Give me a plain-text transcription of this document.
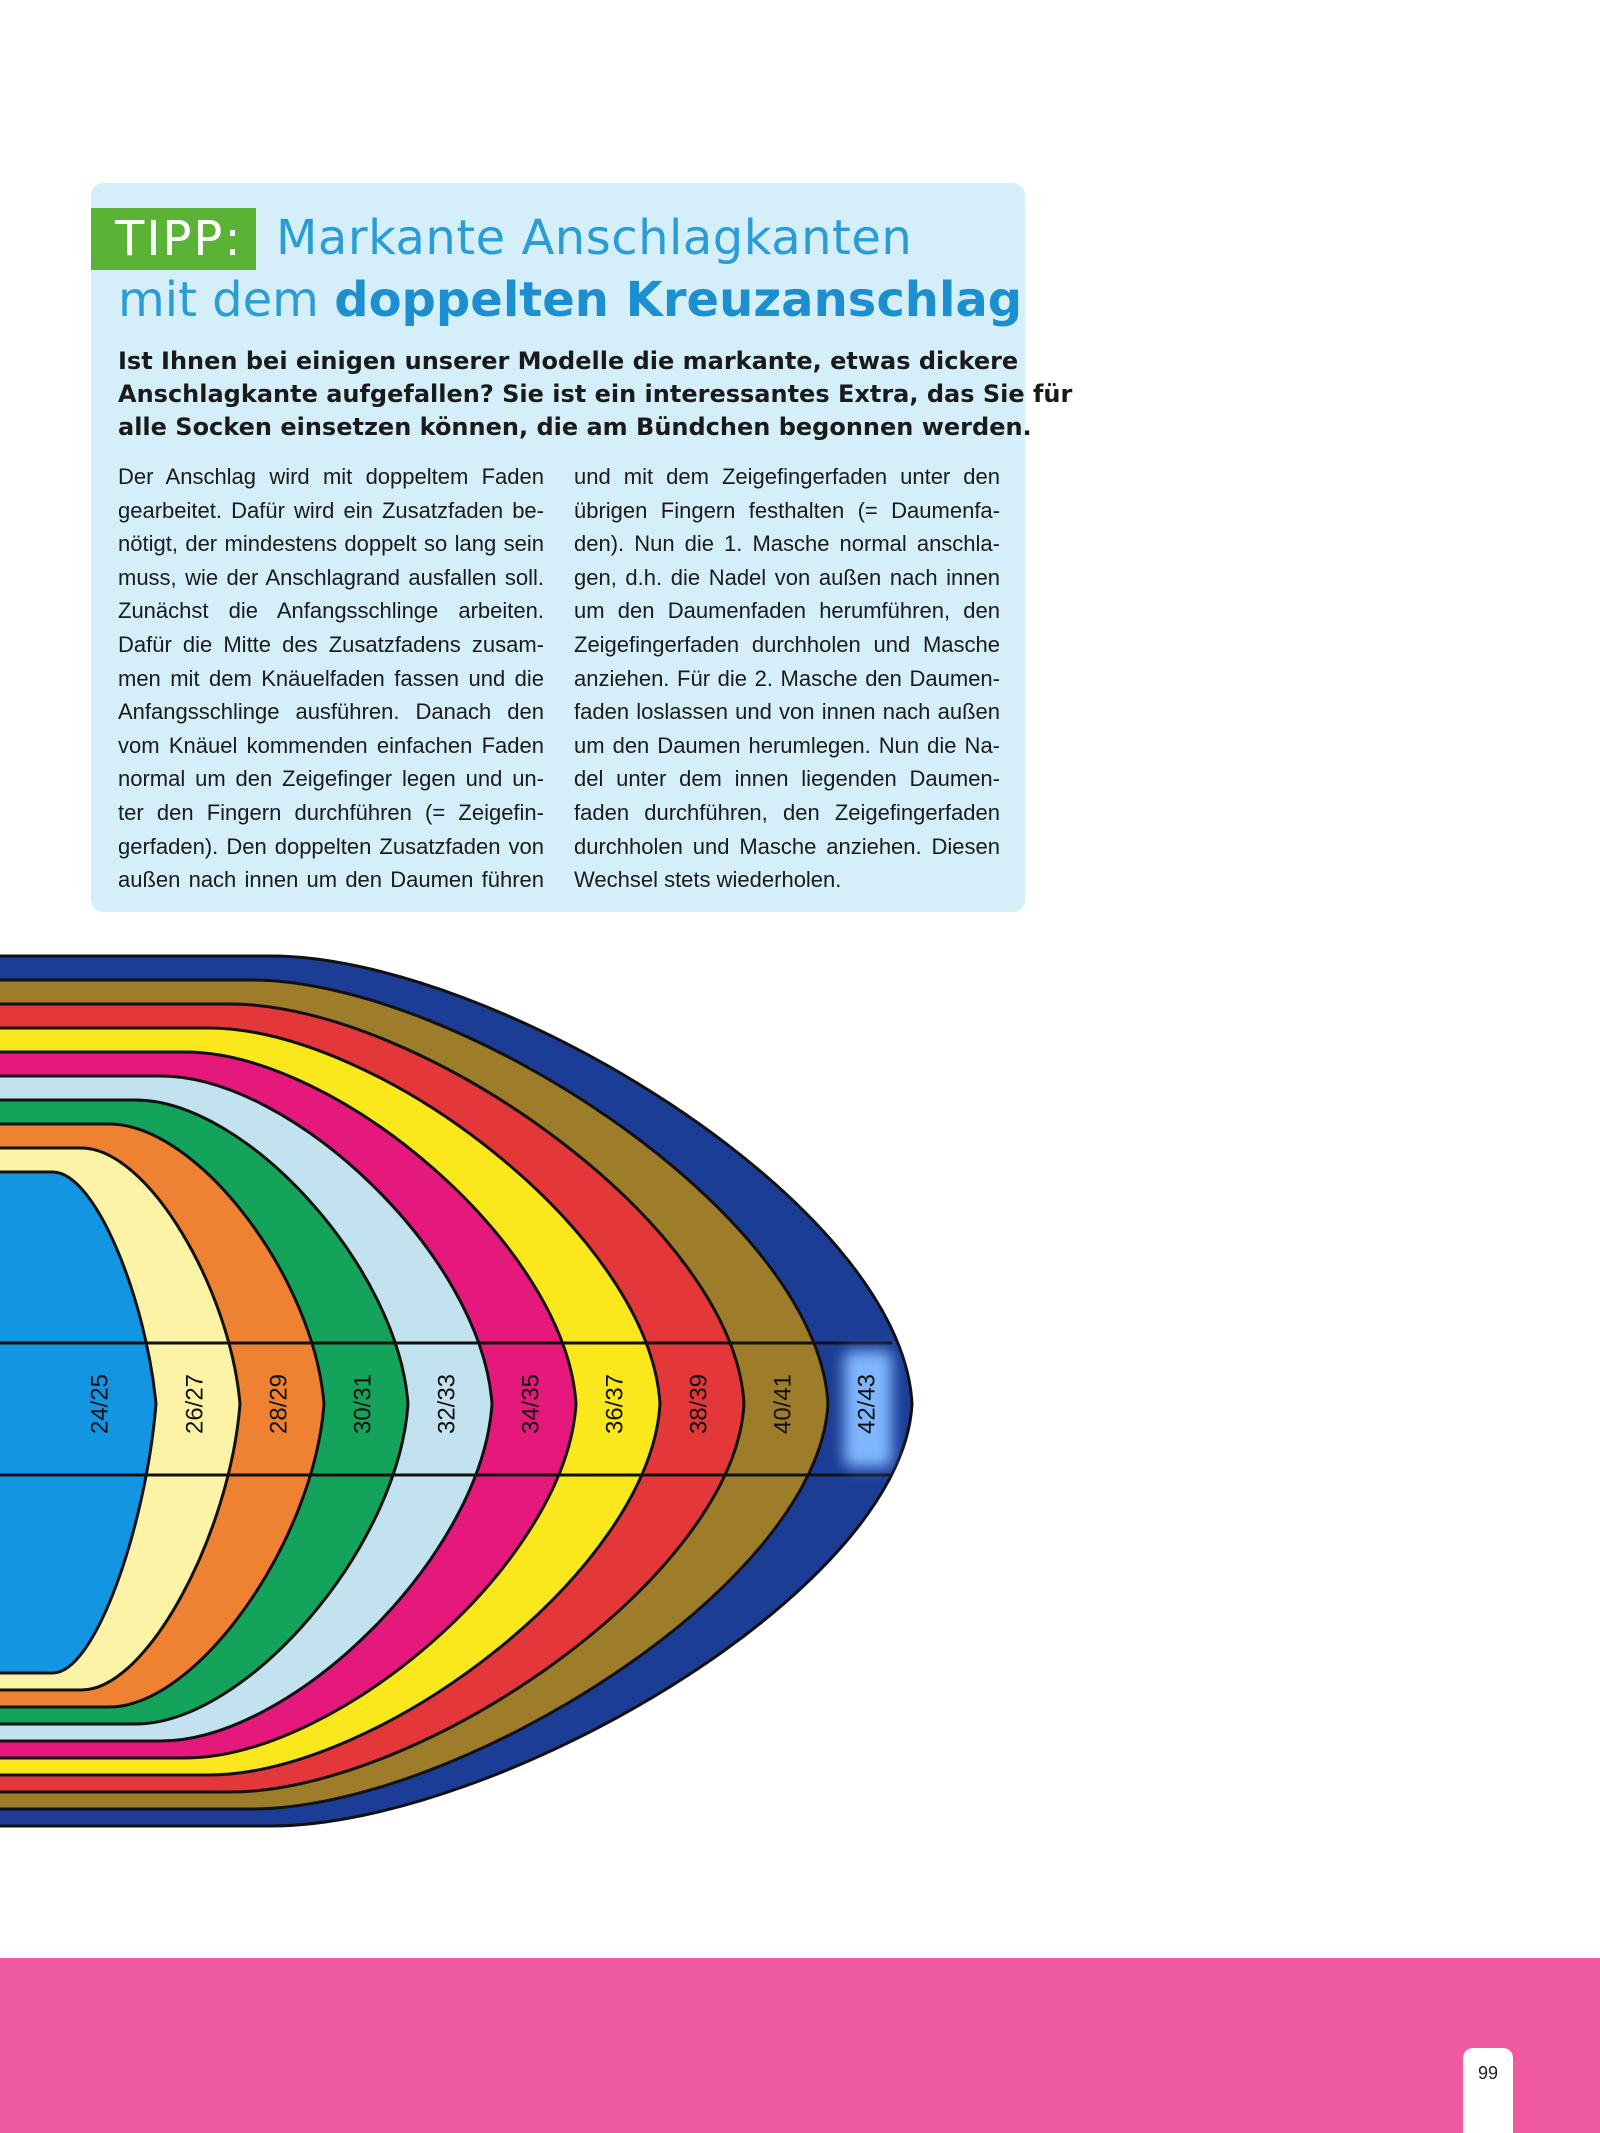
TIPP: Markante Anschlagkanten
mit dem doppelten Kreuzanschlag
Ist Ihnen bei einigen unserer Modelle die markante, etwas dickere
Anschlagkante aufgefallen? Sie ist ein interessantes Extra, das Sie für
alle Socken einsetzen können, die am Bündchen begonnen werden.
Der Anschlag wird mit doppeltem Faden
gearbeitet. Dafür wird ein Zusatzfaden be-
nötigt, der mindestens doppelt so lang sein
muss, wie der Anschlagrand ausfallen soll.
Zunächst die Anfangsschlinge arbeiten.
Dafür die Mitte des Zusatzfadens zusam-
men mit dem Knäuelfaden fassen und die
Anfangsschlinge ausführen. Danach den
vom Knäuel kommenden einfachen Faden
normal um den Zeigefinger legen und un-
ter den Fingern durchführen (= Zeigefin-
gerfaden). Den doppelten Zusatzfaden von
außen nach innen um den Daumen führen
und mit dem Zeigefingerfaden unter den
übrigen Fingern festhalten (= Daumenfa-
den). Nun die 1. Masche normal anschla-
gen, d.h. die Nadel von außen nach innen
um den Daumenfaden herumführen, den
Zeigefingerfaden durchholen und Masche
anziehen. Für die 2. Masche den Daumen-
faden loslassen und von innen nach außen
um den Daumen herumlegen. Nun die Na-
del unter dem innen liegenden Daumen-
faden durchführen, den Zeigefingerfaden
durchholen und Masche anziehen. Diesen
Wechsel stets wiederholen.
42/43
40/41
38/39
36/37
34/35
32/33
30/31
28/29
26/27
24/25
99
